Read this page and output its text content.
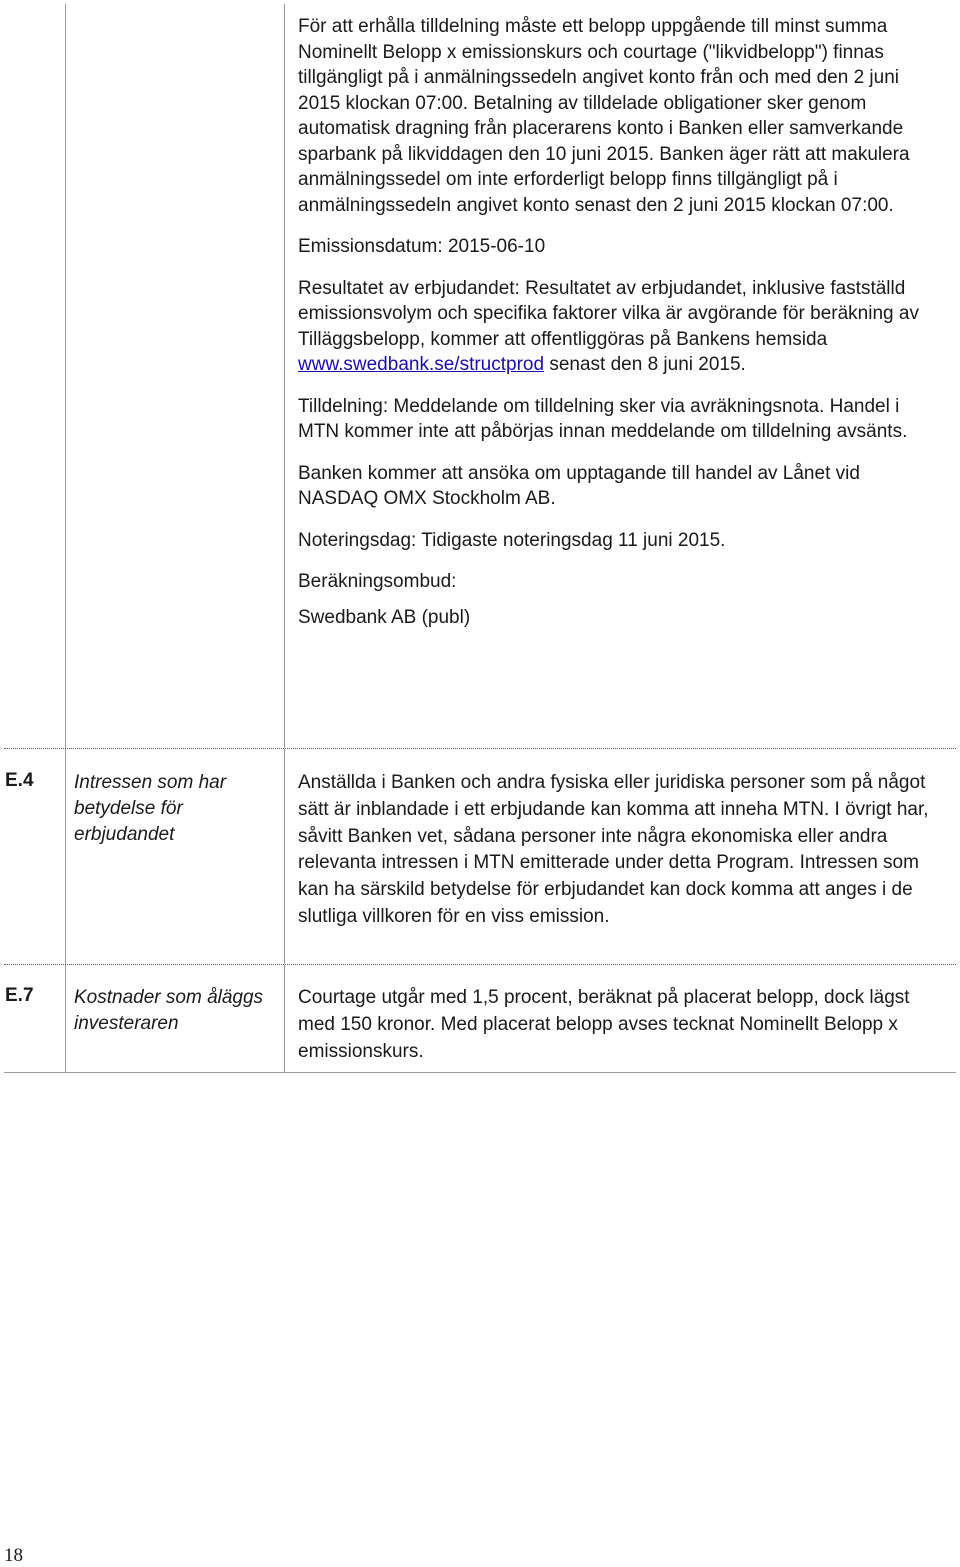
För att erhålla tilldelning måste ett belopp uppgående till minst summa Nominellt Belopp x emissionskurs och courtage ("likvidbelopp") finnas tillgängligt på i anmälningssedeln angivet konto från och med den 2 juni 2015 klockan 07:00. Betalning av tilldelade obligationer sker genom automatisk dragning från placerarens konto i Banken eller samverkande sparbank på likviddagen den 10 juni 2015. Banken äger rätt att makulera anmälningssedel om inte erforderligt belopp finns tillgängligt på i anmälningssedeln angivet konto senast den 2 juni 2015 klockan 07:00.

Emissionsdatum: 2015-06-10

Resultatet av erbjudandet: Resultatet av erbjudandet, inklusive fastställd emissionsvolym och specifika faktorer vilka är avgörande för beräkning av Tilläggsbelopp, kommer att offentliggöras på Bankens hemsida www.swedbank.se/structprod senast den 8 juni 2015.

Tilldelning: Meddelande om tilldelning sker via avräkningsnota. Handel i MTN kommer inte att påbörjas innan meddelande om tilldelning avsänts.

Banken kommer att ansöka om upptagande till handel av Lånet vid NASDAQ OMX Stockholm AB.

Noteringsdag: Tidigaste noteringsdag 11 juni 2015.

Beräkningsombud:

Swedbank AB (publ)

E.4	Intressen som har betydelse för erbjudandet
Anställda i Banken och andra fysiska eller juridiska personer som på något sätt är inblandade i ett erbjudande kan komma att inneha MTN. I övrigt har, såvitt Banken vet, sådana personer inte några ekonomiska eller andra relevanta intressen i MTN emitterade under detta Program. Intressen som kan ha särskild betydelse för erbjudandet kan dock komma att anges i de slutliga villkoren för en viss emission.
E.7	Kostnader som åläggs investeraren
Courtage utgår med 1,5 procent, beräknat på placerat belopp, dock lägst med 150 kronor. Med placerat belopp avses tecknat Nominellt Belopp x emissionskurs.
18
